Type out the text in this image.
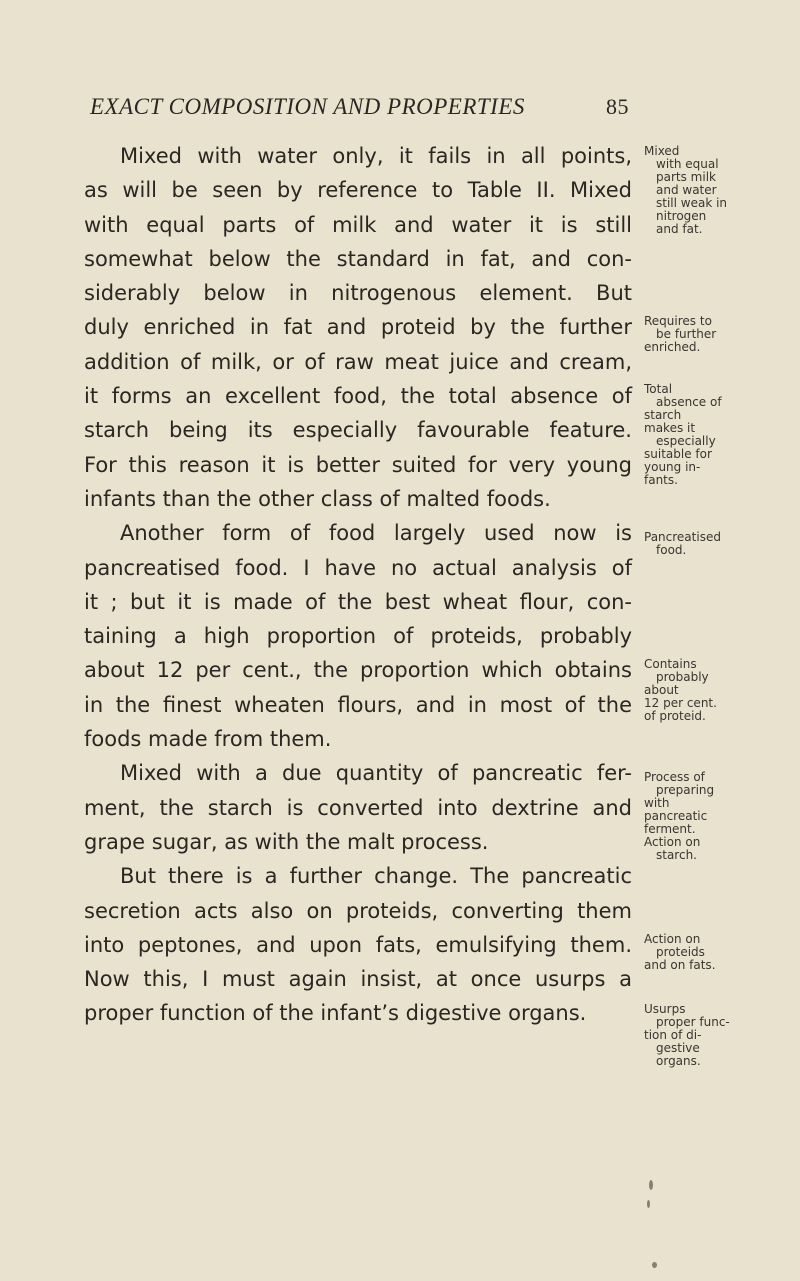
EXACT COMPOSITION AND PROPERTIES	85
Mixed with water only, it fails in all points,
as will be seen by reference to Table II. Mixed
with equal parts of milk and water it is still
somewhat below the standard in fat, and con-
siderably below in nitrogenous element. But
duly enriched in fat and proteid by the further
addition of milk, or of raw meat juice and cream,
it forms an excellent food, the total absence of
starch being its especially favourable feature.
For this reason it is better suited for very young
infants than the other class of malted foods.
Another form of food largely used now is
pancreatised food. I have no actual analysis of
it ; but it is made of the best wheat flour, con-
taining a high proportion of proteids, probably
about 12 per cent., the proportion which obtains
in the finest wheaten flours, and in most of the
foods made from them.
Mixed with a due quantity of pancreatic fer-
ment, the starch is converted into dextrine and
grape sugar, as with the malt process.
But there is a further change. The pancreatic
secretion acts also on proteids, converting them
into peptones, and upon fats, emulsifying them.
Now this, I must again insist, at once usurps a
proper function of the infant’s digestive organs.
Mixed
with equal
parts milk
and water
still weak in
nitrogen
and fat.
Requires to
be further
enriched.
Total
absence of
starch
makes it
especially
suitable for
young in-
fants.
Pancreatised
food.
Contains
probably
about
12 per cent.
of proteid.
Process of
preparing
with
pancreatic
ferment.
Action on
starch.
Action on
proteids
and on fats.
Usurps
proper func-
tion of di-
gestive
organs.
